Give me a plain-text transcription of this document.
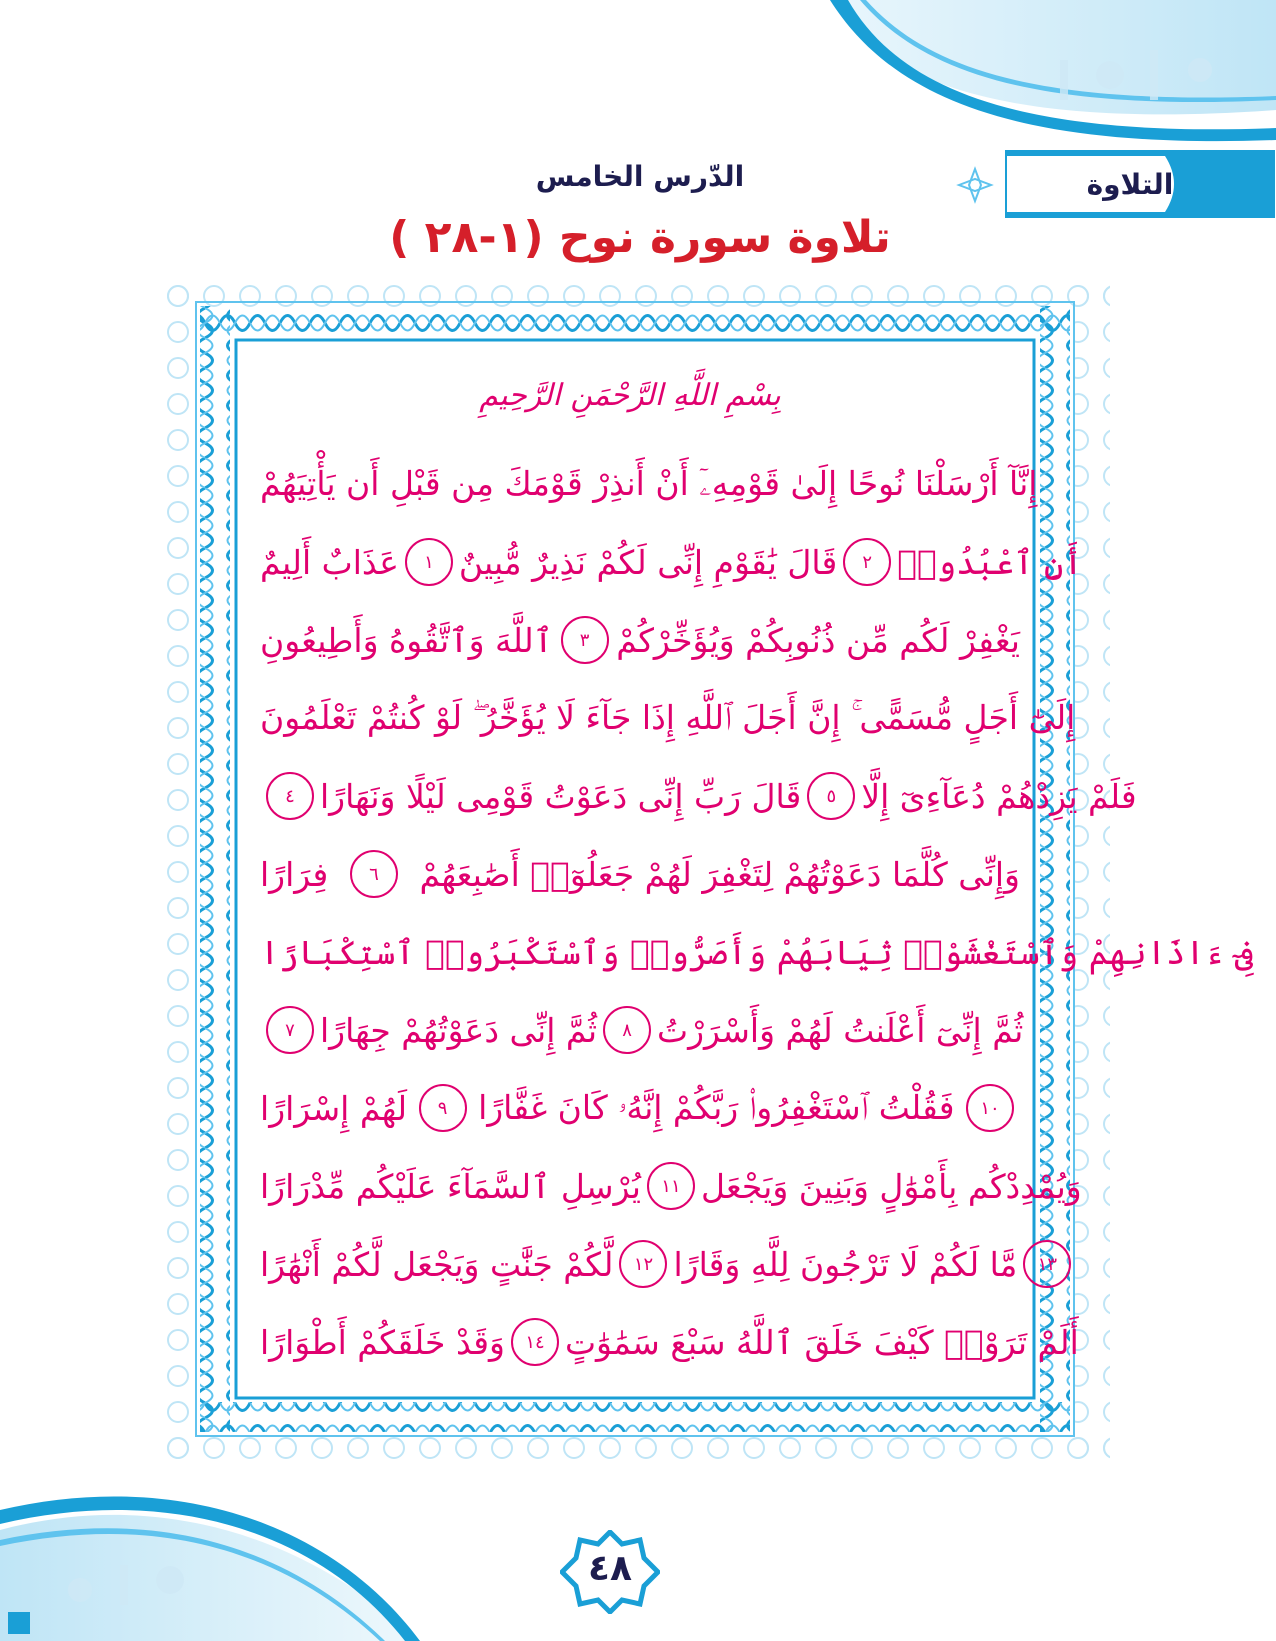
التلاوة
الدّرس الخامس
تلاوة سورة نوح (١-٢٨ )
بِسْمِ اللَّهِ الرَّحْمَنِ الرَّحِيمِ
إِنَّآ أَرْسَلْنَا نُوحًا إِلَىٰ قَوْمِهِۦٓ أَنْ أَنذِرْ قَوْمَكَ مِن قَبْلِ أَن يَأْتِيَهُمْ
عَذَابٌ أَلِيمٌ	١ قَالَ يَٰقَوْمِ إِنِّى لَكُمْ نَذِيرٌ مُّبِينٌ	٢ أَنِ ٱعْبُدُوا۟
ٱللَّهَ وَٱتَّقُوهُ وَأَطِيعُونِ	٣ يَغْفِرْ لَكُم مِّن ذُنُوبِكُمْ وَيُؤَخِّرْكُمْ
إِلَىٰٓ أَجَلٍ مُّسَمًّى ۚ إِنَّ أَجَلَ ٱللَّهِ إِذَا جَآءَ لَا يُؤَخَّرُ ۖ لَوْ كُنتُمْ تَعْلَمُونَ
٤ قَالَ رَبِّ إِنِّى دَعَوْتُ قَوْمِى لَيْلًا وَنَهَارًا	٥ فَلَمْ يَزِدْهُمْ دُعَآءِىٓ إِلَّا
فِرَارًا	٦	وَإِنِّى كُلَّمَا دَعَوْتُهُمْ لِتَغْفِرَ لَهُمْ جَعَلُوٓا۟ أَصَٰبِعَهُمْ
فِىٓ ءَاذَانِهِمْ وَٱسْتَغْشَوْا۟ ثِيَابَهُمْ وَأَصَرُّوا۟ وَٱسْتَكْبَرُوا۟ ٱسْتِكْبَارًا
٧ ثُمَّ إِنِّى دَعَوْتُهُمْ جِهَارًا	٨ ثُمَّ إِنِّىٓ أَعْلَنتُ لَهُمْ وَأَسْرَرْتُ
لَهُمْ إِسْرَارًا	٩ فَقُلْتُ ٱسْتَغْفِرُوا۟ رَبَّكُمْ إِنَّهُۥ كَانَ غَفَّارًا	١٠
يُرْسِلِ ٱلسَّمَآءَ عَلَيْكُم مِّدْرَارًا	١١ وَيُمْدِدْكُم بِأَمْوَٰلٍ وَبَنِينَ وَيَجْعَل
لَّكُمْ جَنَّٰتٍ وَيَجْعَل لَّكُمْ أَنْهَٰرًا	١٢ مَّا لَكُمْ لَا تَرْجُونَ لِلَّهِ وَقَارًا	١٣
وَقَدْ خَلَقَكُمْ أَطْوَارًا	١٤ أَلَمْ تَرَوْا۟ كَيْفَ خَلَقَ ٱللَّهُ سَبْعَ سَمَٰوَٰتٍ
٤٨
